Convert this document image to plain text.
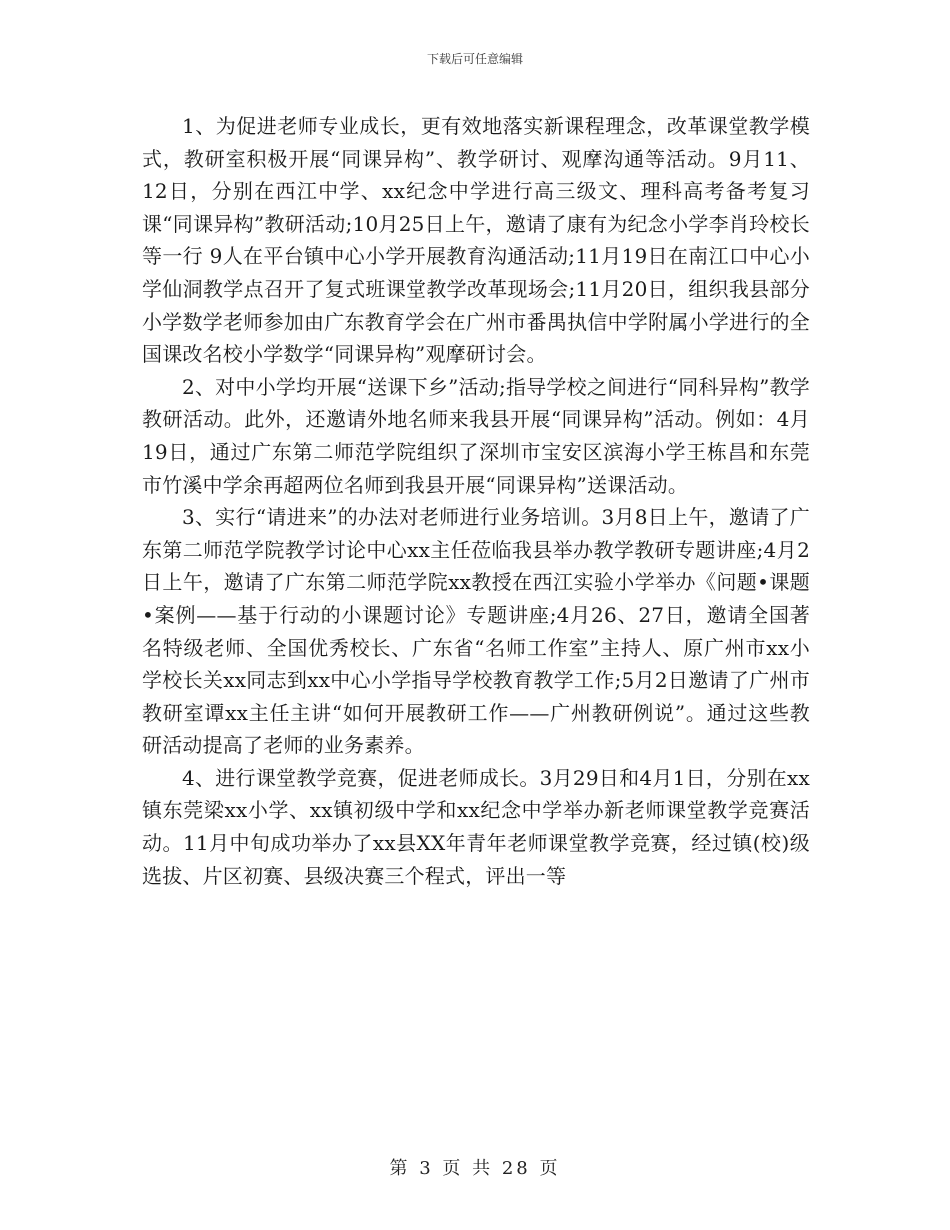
下载后可任意编辑

1、为促进老师专业成长，更有效地落实新课程理念，改革课堂教学模式，教研室积极开展“同课异构”、教学研讨、观摩沟通等活动。9月11、 12日，分别在西江中学、xx纪念中学进行高三级文、理科高考备考复习课“同课异构”教研活动;10月25日上午，邀请了康有为纪念小学李肖玲校长等一行 9人在平台镇中心小学开展教育沟通活动;11月19日在南江口中心小学仙洞教学点召开了复式班课堂教学改革现场会;11月20日，组织我县部分小学数学老师参加由广东教育学会在广州市番禺执信中学附属小学进行的全国课改名校小学数学“同课异构”观摩研讨会。

2、对中小学均开展“送课下乡”活动;指导学校之间进行“同科异构”教学教研活动。此外，还邀请外地名师来我县开展“同课异构”活动。例如：4月19日，通过广东第二师范学院组织了深圳市宝安区滨海小学王栋昌和东莞市竹溪中学余再超两位名师到我县开展“同课异构”送课活动。

3、实行“请进来”的办法对老师进行业务培训。3月8日上午，邀请了广东第二师范学院教学讨论中心xx主任莅临我县举办教学教研专题讲座;4月2日上午，邀请了广东第二师范学院xx教授在西江实验小学举办《问题•课题•案例——基于行动的小课题讨论》专题讲座;4月26、27日，邀请全国著名特级老师、全国优秀校长、广东省“名师工作室”主持人、原广州市xx小学校长关xx同志到xx中心小学指导学校教育教学工作;5月2日邀请了广州市教研室谭xx主任主讲“如何开展教研工作——广州教研例说”。通过这些教研活动提高了老师的业务素养。

4、进行课堂教学竞赛，促进老师成长。3月29日和4月1日，分别在xx镇东莞梁xx小学、xx镇初级中学和xx纪念中学举办新老师课堂教学竞赛活动。11月中旬成功举办了xx县XX年青年老师课堂教学竞赛，经过镇(校)级选拔、片区初赛、县级决赛三个程式，评出一等

第 3 页 共 28 页
